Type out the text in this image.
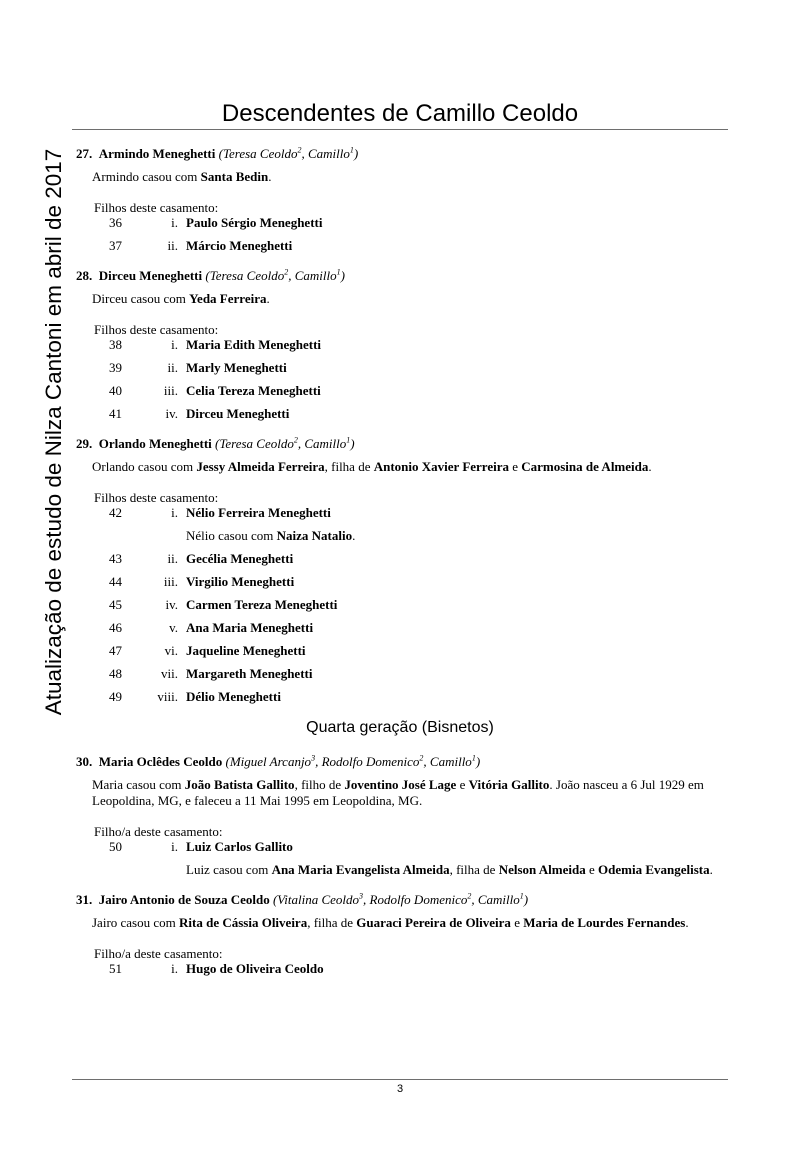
Descendentes de Camillo Ceoldo
Atualização de estudo de Nilza Cantoni em abril de 2017 27. Armindo Meneghetti (Teresa Ceoldo$^2$, Camillo$^1$)
Armindo casou com Santa Bedin.
Filhos deste casamento:
36	i. Paulo Sérgio Meneghetti
37	ii. Márcio Meneghetti
28. Dirceu Meneghetti (Teresa Ceoldo$^2$, Camillo$^1$)
Dirceu casou com Yeda Ferreira.
Filhos deste casamento:
38	i. Maria Edith Meneghetti
39	ii. Marly Meneghetti
40	iii. Celia Tereza Meneghetti
41	iv. Dirceu Meneghetti
29. Orlando Meneghetti (Teresa Ceoldo$^2$, Camillo$^1$)
Orlando casou com Jessy Almeida Ferreira, filha de Antonio Xavier Ferreira e Carmosina de Almeida.
Filhos deste casamento:
42	i. Nélio Ferreira Meneghetti
Nélio casou com Naiza Natalio.
43	ii. Gecélia Meneghetti
44	iii. Virgilio Meneghetti
45	iv. Carmen Tereza Meneghetti
46	v. Ana Maria Meneghetti
47	vi. Jaqueline Meneghetti
48	vii. Margareth Meneghetti
49	viii. Délio Meneghetti
Quarta geração (Bisnetos)
30. Maria Oclêdes Ceoldo (Miguel Arcanjo$^3$, Rodolfo Domenico$^2$, Camillo$^1$)
Maria casou com João Batista Gallito, filho de Joventino José Lage e Vitória Gallito. João nasceu a 6 Jul 1929 em
Leopoldina, MG, e faleceu a 11 Mai 1995 em Leopoldina, MG.
Filho/a deste casamento:
50	i. Luiz Carlos Gallito
Luiz casou com Ana Maria Evangelista Almeida, filha de Nelson Almeida e Odemia Evangelista.
31. Jairo Antonio de Souza Ceoldo (Vitalina Ceoldo$^3$, Rodolfo Domenico$^2$, Camillo$^1$)
Jairo casou com Rita de Cássia Oliveira, filha de Guaraci Pereira de Oliveira e Maria de Lourdes Fernandes.
Filho/a deste casamento:
51	i. Hugo de Oliveira Ceoldo
3
